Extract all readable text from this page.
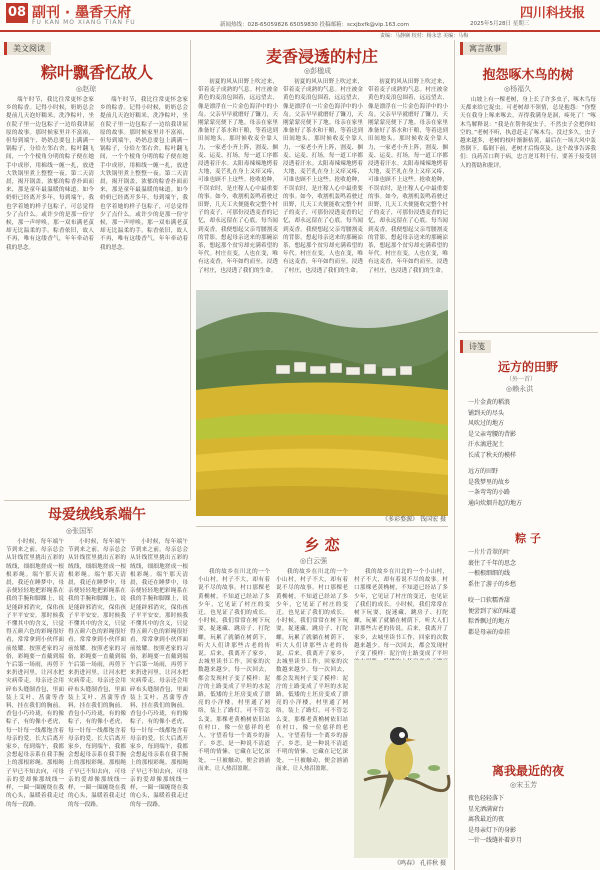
08 副刊 · 墨香天府
FU KAN MO XIANG TIAN FU	新闻热线：028-65059826 65059830 投稿邮箱：scxjbxfk@vip.163.com
四川科技报
2025年5月28日 星期三
责编：马静娴 校对：杨永忠 美编：马梅
美文阅读	寓言故事
诗笺
粽叶飘香忆故人
◎赵琼
端午时节，我比往常更怀念家乡的粽香。记得小时候，奶奶总会提前几天泡好糯米，洗净粽叶，坐在院子里一边包粽子一边给我讲屈原的故事。那时候家里并不富裕，但每到端午，奶奶总要包上满满一锅粽子，分给左邻右舍。粽叶翻飞间，一个个棱角分明的粽子便在她手中成形，用棉线一缠一扎，放进大铁锅里煮上整整一夜。第二天清晨，揭开锅盖，浓郁的粽香扑面而来，那是童年最温暖的味道。如今奶奶已经离开多年，每到端午，我也学着她的样子包粽子，可总觉得少了点什么。或许少的是那一份守候，那一声呼唤，那一双布满老茧却无比温柔的手。粽香依旧，故人不再，唯有这缕香气，年年牵动着我的思念。
端午时节，我比往常更怀念家乡的粽香。记得小时候，奶奶总会提前几天泡好糯米，洗净粽叶，坐在院子里一边包粽子一边给我讲屈原的故事。那时候家里并不富裕，但每到端午，奶奶总要包上满满一锅粽子，分给左邻右舍。粽叶翻飞间，一个个棱角分明的粽子便在她手中成形，用棉线一缠一扎，放进大铁锅里煮上整整一夜。第二天清晨，揭开锅盖，浓郁的粽香扑面而来，那是童年最温暖的味道。如今奶奶已经离开多年，每到端午，我也学着她的样子包粽子，可总觉得少了点什么。或许少的是那一份守候，那一声呼唤，那一双布满老茧却无比温柔的手。粽香依旧，故人不再，唯有这缕香气，年年牵动着我的思念。
麦香浸透的村庄
◎彭楹成
初夏的风从田野上吹过来，带着麦子成熟的气息。村庄被金黄色的麦浪包围着，远远望去，像是漂浮在一片金色海洋中的小岛。父亲早早就磨好了镰刀，天刚蒙蒙亮便下了地。母亲在家里准备好了茶水和干粮，等着送到田间地头。那时候收麦全靠人力，一家老小齐上阵，割麦、捆麦、运麦、打场，每一道工序都浸透着汗水。太阳毒辣辣地烤着大地，麦芒扎在身上又痒又疼，可谁也顾不上这些。抢收抢种，不误农时，是庄稼人心中最重要的事。如今，收割机轰鸣着驶过田野，几天工夫便能收完整个村子的麦子，可那份浸透麦香的记忆，却永远留在了心底。每当闻到麦香，我便想起父亲弯腰割麦的背影，想起母亲送来的那碗凉茶，想起那个贫穷却充满希望的年代。村庄在变，人也在变，唯有这麦香，年年如约而至，浸透了村庄，也浸透了我们的生命。
初夏的风从田野上吹过来，带着麦子成熟的气息。村庄被金黄色的麦浪包围着，远远望去，像是漂浮在一片金色海洋中的小岛。父亲早早就磨好了镰刀，天刚蒙蒙亮便下了地。母亲在家里准备好了茶水和干粮，等着送到田间地头。那时候收麦全靠人力，一家老小齐上阵，割麦、捆麦、运麦、打场，每一道工序都浸透着汗水。太阳毒辣辣地烤着大地，麦芒扎在身上又痒又疼，可谁也顾不上这些。抢收抢种，不误农时，是庄稼人心中最重要的事。如今，收割机轰鸣着驶过田野，几天工夫便能收完整个村子的麦子，可那份浸透麦香的记忆，却永远留在了心底。每当闻到麦香，我便想起父亲弯腰割麦的背影，想起母亲送来的那碗凉茶，想起那个贫穷却充满希望的年代。村庄在变，人也在变，唯有这麦香，年年如约而至，浸透了村庄，也浸透了我们的生命。
初夏的风从田野上吹过来，带着麦子成熟的气息。村庄被金黄色的麦浪包围着，远远望去，像是漂浮在一片金色海洋中的小岛。父亲早早就磨好了镰刀，天刚蒙蒙亮便下了地。母亲在家里准备好了茶水和干粮，等着送到田间地头。那时候收麦全靠人力，一家老小齐上阵，割麦、捆麦、运麦、打场，每一道工序都浸透着汗水。太阳毒辣辣地烤着大地，麦芒扎在身上又痒又疼，可谁也顾不上这些。抢收抢种，不误农时，是庄稼人心中最重要的事。如今，收割机轰鸣着驶过田野，几天工夫便能收完整个村子的麦子，可那份浸透麦香的记忆，却永远留在了心底。每当闻到麦香，我便想起父亲弯腰割麦的背影，想起母亲送来的那碗凉茶，想起那个贫穷却充满希望的年代。村庄在变，人也在变，唯有这麦香，年年如约而至，浸透了村庄，也浸透了我们的生命。
《多彩婺源》 钱国宏 摄
母爱绒线系端午
◎张国军
小时候，每年端午节到来之前，母亲总会从针线筐里挑出五彩的绒线，细细地搓成一根根彩绳。端午那天清晨，我还在睡梦中，母亲便轻轻地把彩绳系在我的手腕和脚踝上，说是能辟邪消灾，保佑孩子平平安安。那时候我不懂其中的含义，只觉得五颜六色的彩绳很好看，常常拿到小伙伴面前炫耀。按照老家的习俗，彩绳要一直戴到端午后第一场雨，再剪下来扔进河里，让河水把灾病带走。母亲还会用碎布头缝制香包，里面装上艾叶、菖蒲等香料，挂在我们的胸前。香包小巧玲珑，有的像粽子，有的像小老虎，每一针每一线都饱含着母亲的爱。长大后离开家乡，每到端午，我都会想起母亲系在我手腕上的那根彩绳。那根绳子早已不知去向，可母亲的爱却像那绒线一样，一圈一圈缠绕在我的心头，温暖着我走过的每一段路。
小时候，每年端午节到来之前，母亲总会从针线筐里挑出五彩的绒线，细细地搓成一根根彩绳。端午那天清晨，我还在睡梦中，母亲便轻轻地把彩绳系在我的手腕和脚踝上，说是能辟邪消灾，保佑孩子平平安安。那时候我不懂其中的含义，只觉得五颜六色的彩绳很好看，常常拿到小伙伴面前炫耀。按照老家的习俗，彩绳要一直戴到端午后第一场雨，再剪下来扔进河里，让河水把灾病带走。母亲还会用碎布头缝制香包，里面装上艾叶、菖蒲等香料，挂在我们的胸前。香包小巧玲珑，有的像粽子，有的像小老虎，每一针每一线都饱含着母亲的爱。长大后离开家乡，每到端午，我都会想起母亲系在我手腕上的那根彩绳。那根绳子早已不知去向，可母亲的爱却像那绒线一样，一圈一圈缠绕在我的心头，温暖着我走过的每一段路。
小时候，每年端午节到来之前，母亲总会从针线筐里挑出五彩的绒线，细细地搓成一根根彩绳。端午那天清晨，我还在睡梦中，母亲便轻轻地把彩绳系在我的手腕和脚踝上，说是能辟邪消灾，保佑孩子平平安安。那时候我不懂其中的含义，只觉得五颜六色的彩绳很好看，常常拿到小伙伴面前炫耀。按照老家的习俗，彩绳要一直戴到端午后第一场雨，再剪下来扔进河里，让河水把灾病带走。母亲还会用碎布头缝制香包，里面装上艾叶、菖蒲等香料，挂在我们的胸前。香包小巧玲珑，有的像粽子，有的像小老虎，每一针每一线都饱含着母亲的爱。长大后离开家乡，每到端午，我都会想起母亲系在我手腕上的那根彩绳。那根绳子早已不知去向，可母亲的爱却像那绒线一样，一圈一圈缠绕在我的心头，温暖着我走过的每一段路。
乡 恋
◎白云强
我的故乡在川北的一个小山村，村子不大，却有着说不尽的故事。村口那棵老黄桷树，不知道已经站了多少年，它见证了村庄的变迁，也见证了我们的成长。小时候，我们常常在树下玩耍，捉迷藏、跳房子、打陀螺，玩累了就躺在树荫下，听大人们讲那些古老的传说。后来，我离开了家乡，去城里读书工作，回家的次数越来越少。每一次回去，都会发现村子变了模样：泥泞的土路变成了平坦的水泥路，低矮的土坯房变成了漂亮的小洋楼，村里通了网络，装上了路灯。可不管怎么变，那棵老黄桷树依旧站在村口，像一位慈祥的老人，守望着每一个离乡的游子。乡恋，是一种说不清道不明的情愫，它藏在记忆深处，一旦被触动，便会汹涌而来，让人热泪盈眶。
我的故乡在川北的一个小山村，村子不大，却有着说不尽的故事。村口那棵老黄桷树，不知道已经站了多少年，它见证了村庄的变迁，也见证了我们的成长。小时候，我们常常在树下玩耍，捉迷藏、跳房子、打陀螺，玩累了就躺在树荫下，听大人们讲那些古老的传说。后来，我离开了家乡，去城里读书工作，回家的次数越来越少。每一次回去，都会发现村子变了模样：泥泞的土路变成了平坦的水泥路，低矮的土坯房变成了漂亮的小洋楼，村里通了网络，装上了路灯。可不管怎么变，那棵老黄桷树依旧站在村口，像一位慈祥的老人，守望着每一个离乡的游子。乡恋，是一种说不清道不明的情愫，它藏在记忆深处，一旦被触动，便会汹涌而来，让人热泪盈眶。
我的故乡在川北的一个小山村，村子不大，却有着说不尽的故事。村口那棵老黄桷树，不知道已经站了多少年，它见证了村庄的变迁，也见证了我们的成长。小时候，我们常常在树下玩耍，捉迷藏、跳房子、打陀螺，玩累了就躺在树荫下，听大人们讲那些古老的传说。后来，我离开了家乡，去城里读书工作，回家的次数越来越少。每一次回去，都会发现村子变了模样：泥泞的土路变成了平坦
《鸣春》 孔祥秋 摄
抱怨啄木鸟的树
◎杨福久
山坡上有一棵老树，身上长了许多虫子，啄木鸟每天都来给它捉虫。可老树却不领情，总是抱怨：“你整天在我身上啄来啄去，弄得我满身是洞，疼死了！”啄木鸟解释说：“我是在帮你捉虫子，不然虫子会把你蛀空的。”老树不听，执意赶走了啄木鸟。没过多久，虫子越来越多，老树的枝叶渐渐枯黄，最后在一场大风中轰然倒下。临倒下前，老树才后悔莫及。这个故事告诉我们：良药苦口利于病，忠言逆耳利于行，要善于接受别人的帮助和批评。
远方的田野
（外一首）
◎赖永洪
一片金黄的稻浪
铺到天的尽头
风吹过的地方
是父亲弯腰的背影
汗水滴进泥土
长成了秋天的模样
远方的田野
是我梦里的故乡
一条弯弯的小路
通向炊烟升起的地方
粽 子
一片片青翠的叶
裹住了千年的思念
一根根细细的线
系住了游子的乡愁
咬一口软糯香甜
便尝到了家的味道
粽香飘过的地方
都是母亲的牵挂
离我最近的夜
◎宋玉芳
夜色轻轻落下
星光洒满窗台
离我最近的夜
是母亲灯下的身影
一针一线缝补着岁月
